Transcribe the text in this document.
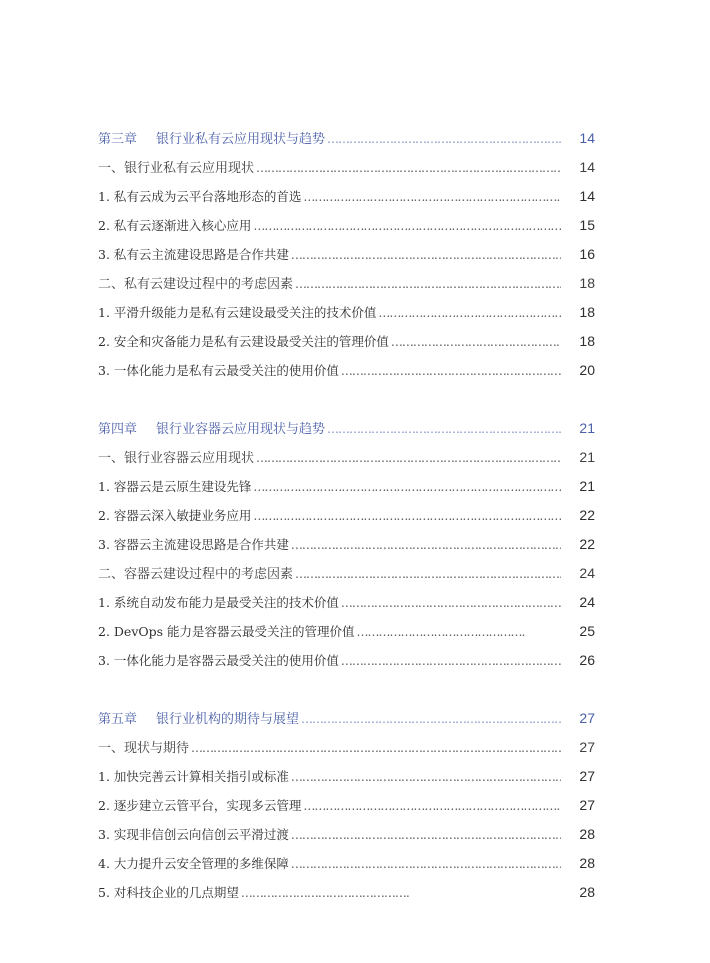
第三章 银行业私有云应用现状与趋势 ……………………………………………………………………………………………………………………………………………………	14
一、银行业私有云应用现状 ……………………………………………………………………………………………………………………………………………………	14
1. 私有云成为云平台落地形态的首选 ……………………………………………………………………………………………………………………………………………………	14
2. 私有云逐渐进入核心应用 ……………………………………………………………………………………………………………………………………………………	15
3. 私有云主流建设思路是合作共建 ……………………………………………………………………………………………………………………………………………………	16
二、私有云建设过程中的考虑因素 ……………………………………………………………………………………………………………………………………………………	18
1. 平滑升级能力是私有云建设最受关注的技术价值 ……………………………………………………………………………………………………………………………………………………	18
2. 安全和灾备能力是私有云建设最受关注的管理价值 ……………………………………………………………………………………………………………………………………………………	18
3. 一体化能力是私有云最受关注的使用价值 ……………………………………………………………………………………………………………………………………………………	20
第四章 银行业容器云应用现状与趋势 ……………………………………………………………………………………………………………………………………………………	21
一、银行业容器云应用现状 ……………………………………………………………………………………………………………………………………………………	21
1. 容器云是云原生建设先锋 ……………………………………………………………………………………………………………………………………………………	21
2. 容器云深入敏捷业务应用 ……………………………………………………………………………………………………………………………………………………	22
3. 容器云主流建设思路是合作共建 ……………………………………………………………………………………………………………………………………………………	22
二、容器云建设过程中的考虑因素 ……………………………………………………………………………………………………………………………………………………	24
1. 系统自动发布能力是最受关注的技术价值 ……………………………………………………………………………………………………………………………………………………	24
2. DevOps 能力是容器云最受关注的管理价值 ……………………………………………………………………………………………………………………………………………………	25
3. 一体化能力是容器云最受关注的使用价值 ……………………………………………………………………………………………………………………………………………………	26
第五章 银行业机构的期待与展望 ……………………………………………………………………………………………………………………………………………………	27
一、现状与期待 ……………………………………………………………………………………………………………………………………………………	27
1. 加快完善云计算相关指引或标准 ……………………………………………………………………………………………………………………………………………………	27
2. 逐步建立云管平台，实现多云管理 ……………………………………………………………………………………………………………………………………………………	27
3. 实现非信创云向信创云平滑过渡 ……………………………………………………………………………………………………………………………………………………	28
4. 大力提升云安全管理的多维保障 ……………………………………………………………………………………………………………………………………………………	28
5. 对科技企业的几点期望 ……………………………………………………………………………………………………………………………………………………	28
